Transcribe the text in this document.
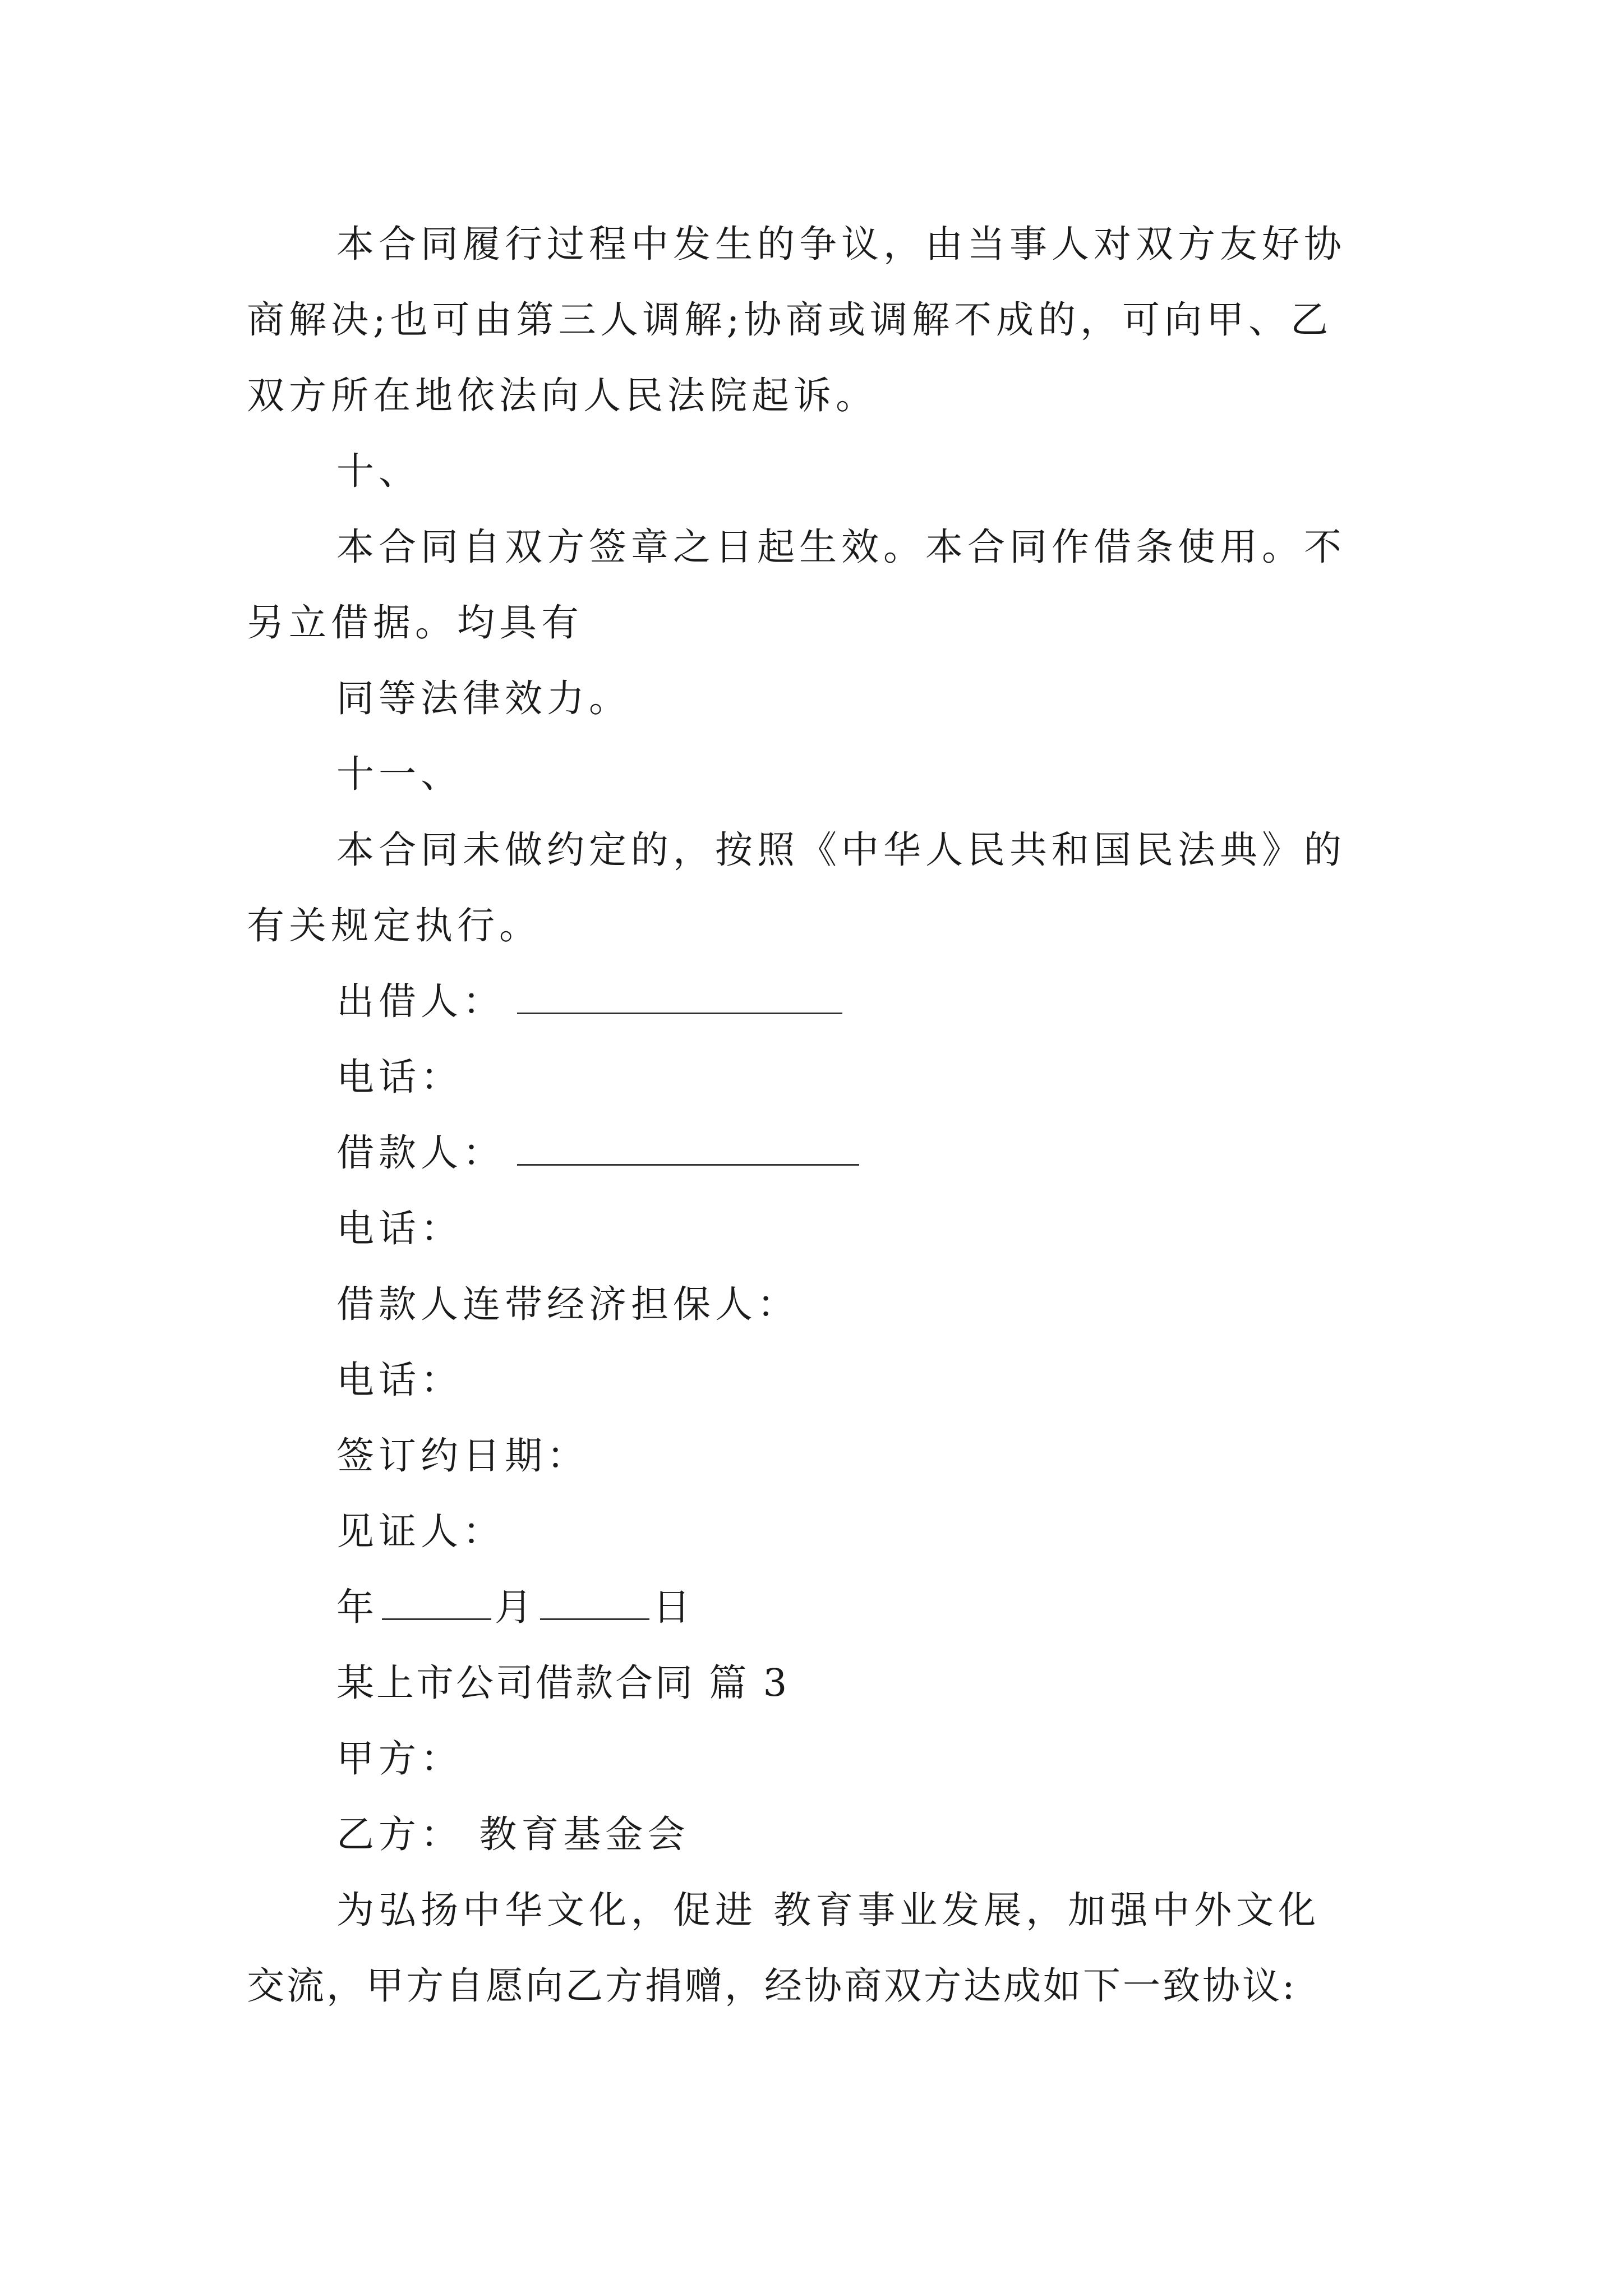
本合同履行过程中发生的争议，由当事人对双方友好协
商解决;也可由第三人调解;协商或调解不成的，可向甲、乙
双方所在地依法向人民法院起诉。
十、
本合同自双方签章之日起生效。本合同作借条使用。不
另立借据。均具有
同等法律效力。
十一、
本合同未做约定的，按照《中华人民共和国民法典》的
有关规定执行。
出借人：
电话：
借款人：
电话：
借款人连带经济担保人：
电话：
签订约日期：
见证人：
年	月	日
某上市公司借款合同 篇 3
甲方：
乙方： 教育基金会
为弘扬中华文化，促进 教育事业发展，加强中外文化
交流，甲方自愿向乙方捐赠，经协商双方达成如下一致协议:
